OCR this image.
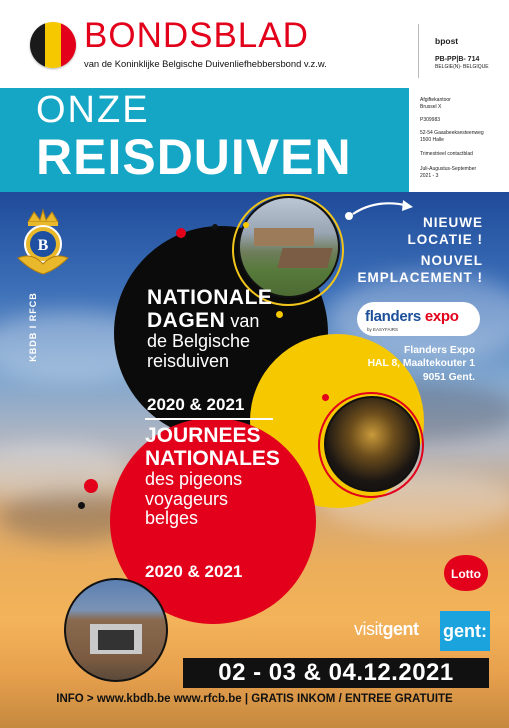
BONDSBLAD
van de Koninklijke Belgische Duivenliefhebbersbond v.z.w.
bpost
PB-PP|B- 714
BELGIE(N)- BELGIQUE
ONZE
REISDUIVEN
Afgiftekantoor
Brussel X
P309983
52-54 Gaasbeeksesteenweg
1500 Halle
Trimestrieel contactblad
Juli-Augustus-September
2021 - 3
B
KBDB I RFCB	NATIONALE
DAGEN van
de Belgische
reisduiven
2020 & 2021
JOURNEES
NATIONALES
des pigeons
voyageurs
belges
2020 & 2021
NIEUWE
LOCATIE !
NOUVEL
EMPLACEMENT !
flanders expo
by EASYFAIRS
Flanders Expo
HAL 8, Maaltekouter 1
9051 Gent.
Lotto
visitgent gent:
02 - 03 & 04.12.2021
INFO > www.kbdb.be www.rfcb.be | GRATIS INKOM / ENTREE GRATUITE
